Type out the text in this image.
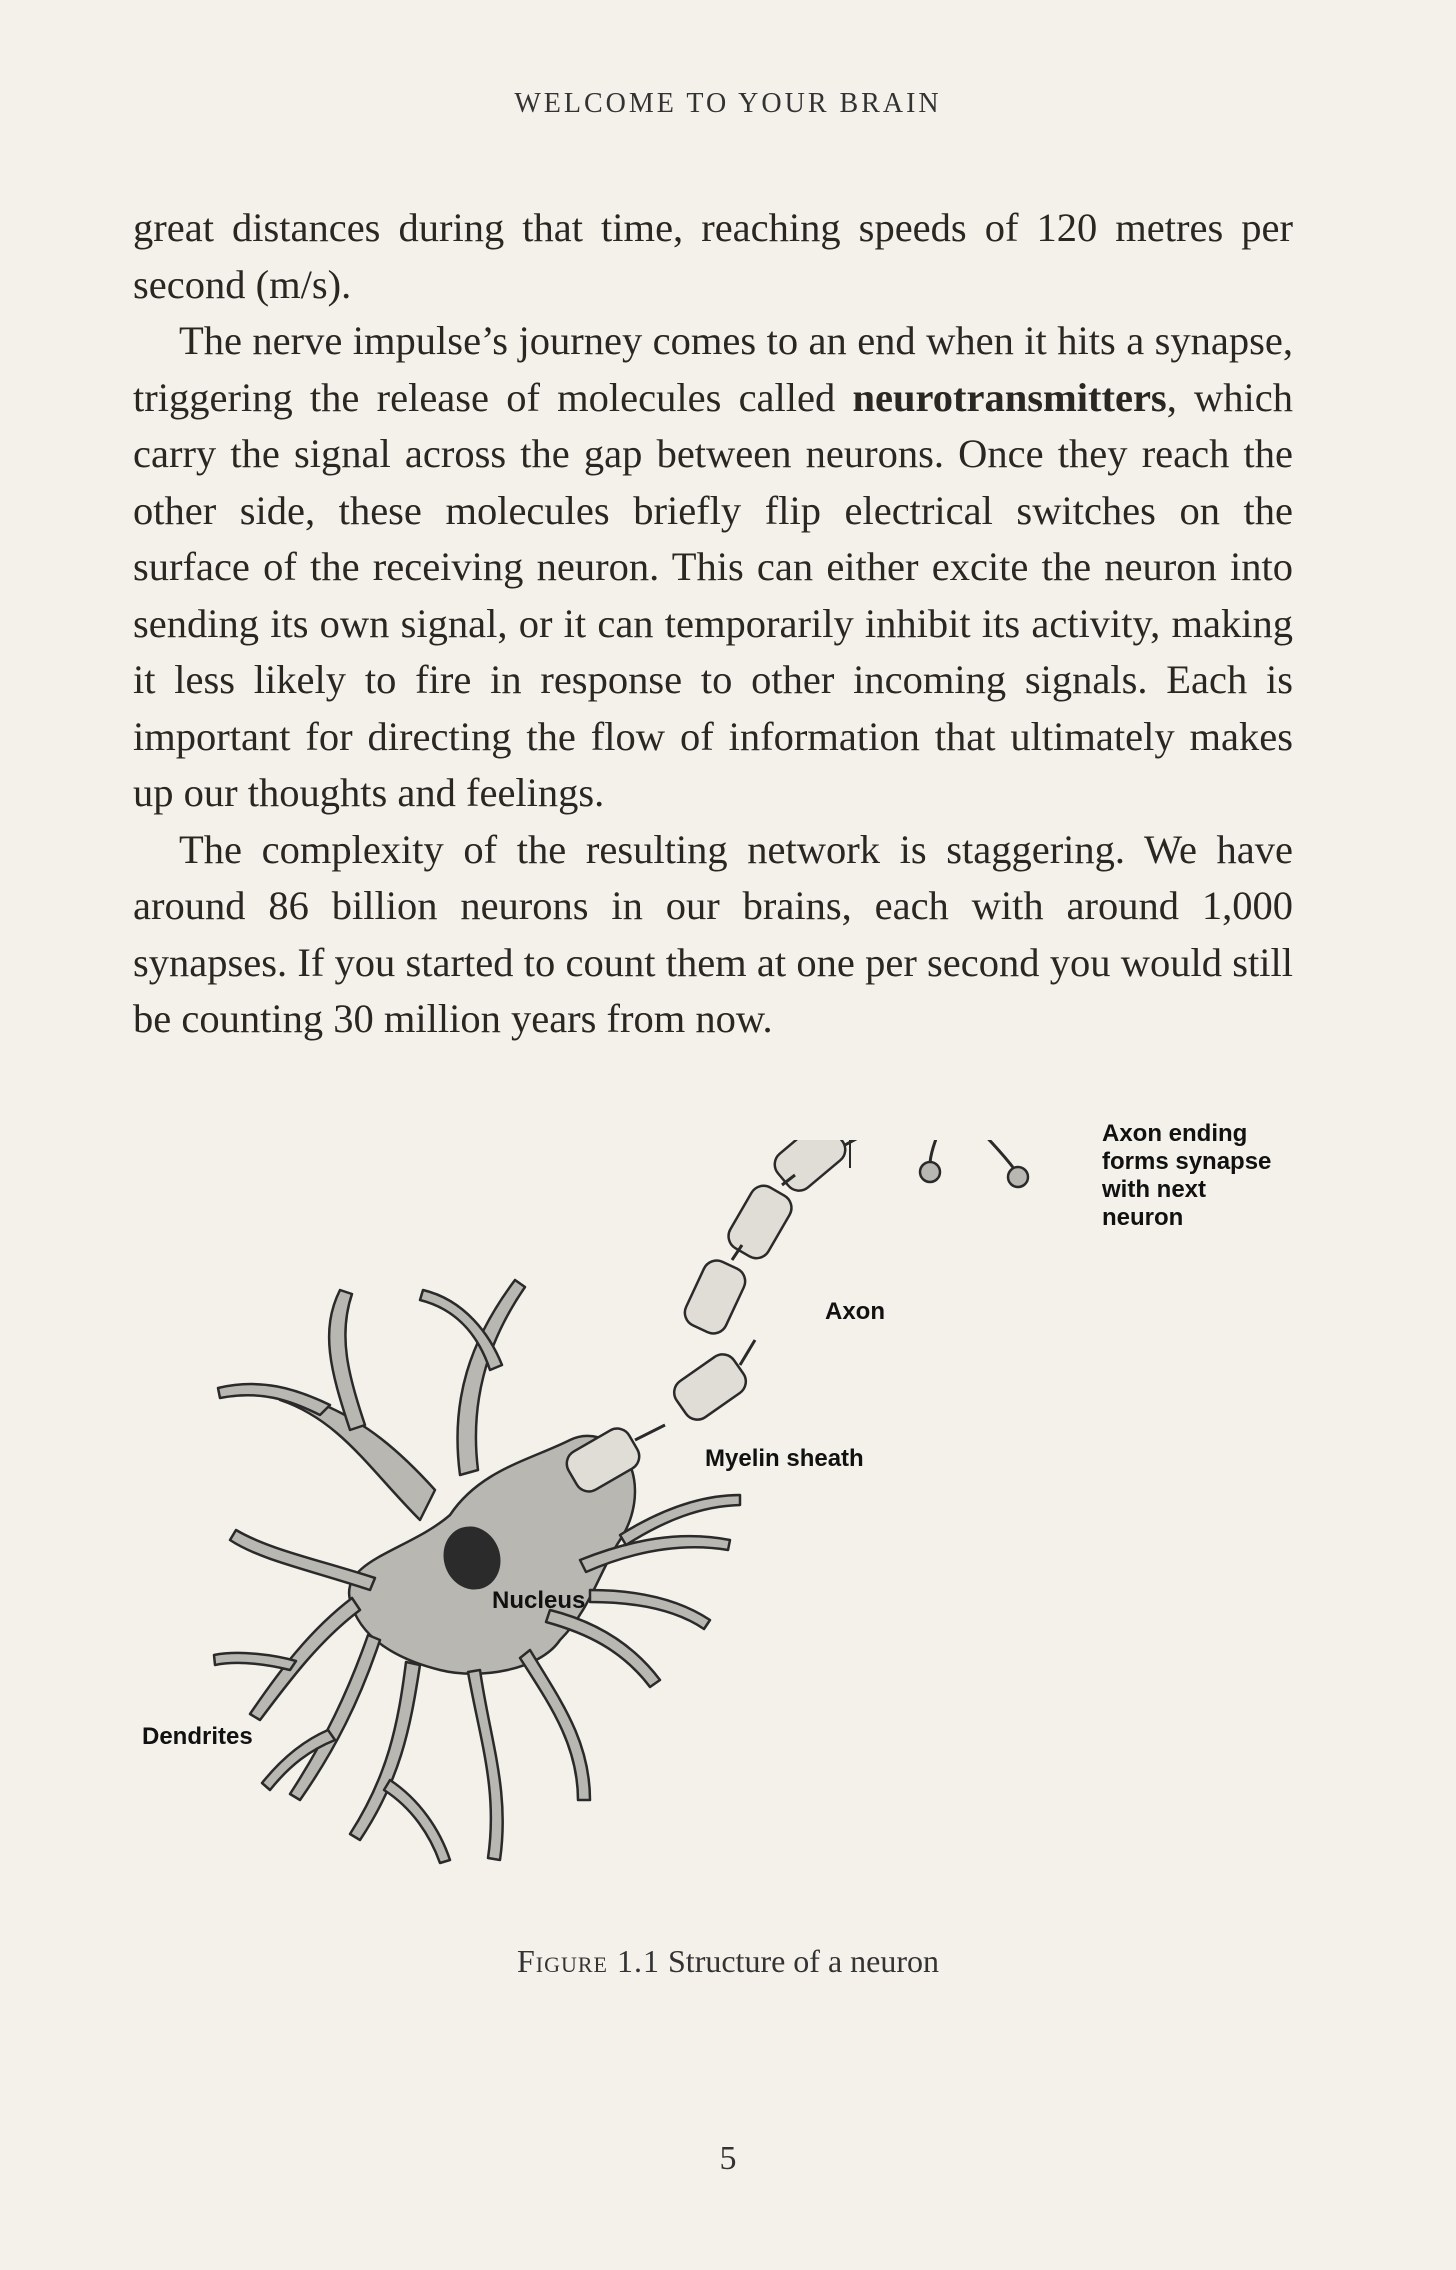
WELCOME TO YOUR BRAIN

great distances during that time, reaching speeds of 120 metres per second (m/s).

The nerve impulse’s journey comes to an end when it hits a synapse, triggering the release of molecules called neurotransmitters, which carry the signal across the gap between neurons. Once they reach the other side, these molecules briefly flip electrical switches on the surface of the receiving neuron. This can either excite the neuron into sending its own signal, or it can temporarily inhibit its activity, making it less likely to fire in response to other incoming signals. Each is important for directing the flow of information that ultimately makes up our thoughts and feelings.

The complexity of the resulting network is staggering. We have around 86 billion neurons in our brains, each with around 1,000 synapses. If you started to count them at one per second you would still be counting 30 million years from now.

Axon ending
forms synapse
with next
neuron
Axon
Myelin sheath
Nucleus
Dendrites
Figure 1.1 Structure of a neuron
5
